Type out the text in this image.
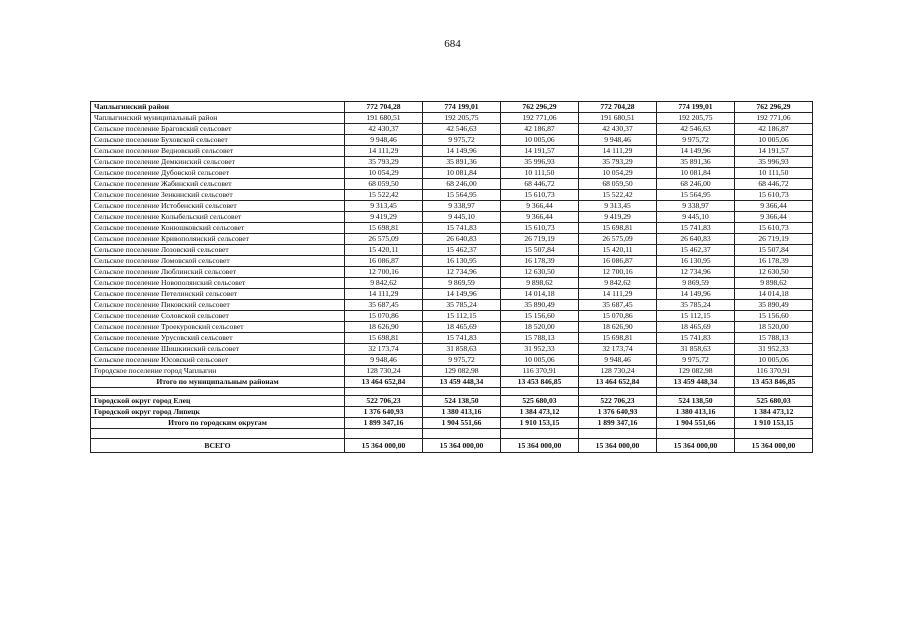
684
Чаплыгинский район	772 704,28	774 199,01	762 296,29	772 704,28	774 199,01	762 296,29
Чаплыгинский муниципальный район	191 680,51	192 205,75	192 771,06	191 680,51	192 205,75	192 771,06
Сельское поселение Браговский сельсовет	42 430,37	42 546,63	42 186,87	42 430,37	42 546,63	42 186,87
Сельское поселение Буховской сельсовет	9 948,46	9 975,72	10 005,06	9 948,46	9 975,72	10 005,06
Сельское поселение Ведновский сельсовет	14 111,29	14 149,96	14 191,57	14 111,29	14 149,96	14 191,57
Сельское поселение Демкинский сельсовет	35 793,29	35 891,36	35 996,93	35 793,29	35 891,36	35 996,93
Сельское поселение Дубовской сельсовет	10 054,29	10 081,84	10 111,50	10 054,29	10 081,84	10 111,50
Сельское поселение Жабинский сельсовет	68 059,50	68 246,00	68 446,72	68 059,50	68 246,00	68 446,72
Сельское поселение Зенкинский сельсовет	15 522,42	15 564,95	15 610,73	15 522,42	15 564,95	15 610,73
Сельское поселение Истобенский сельсовет	9 313,45	9 338,97	9 366,44	9 313,45	9 338,97	9 366,44
Сельское поселение Колыбельский сельсовет	9 419,29	9 445,10	9 366,44	9 419,29	9 445,10	9 366,44
Сельское поселение Конюшковский сельсовет	15 698,81	15 741,83	15 610,73	15 698,81	15 741,83	15 610,73
Сельское поселение Кривополянский сельсовет	26 575,09	26 640,83	26 719,19	26 575,09	26 640,83	26 719,19
Сельское поселение Лозовский сельсовет	15 420,11	15 462,37	15 507,84	15 420,11	15 462,37	15 507,84
Сельское поселение Ломовской сельсовет	16 086,87	16 130,95	16 178,39	16 086,87	16 130,95	16 178,39
Сельское поселение Люблинский сельсовет	12 700,16	12 734,96	12 630,50	12 700,16	12 734,96	12 630,50
Сельское поселение Новополянский сельсовет	9 842,62	9 869,59	9 898,62	9 842,62	9 869,59	9 898,62
Сельское поселение Петелинский сельсовет	14 111,29	14 149,96	14 014,18	14 111,29	14 149,96	14 014,18
Сельское поселение Пиковский сельсовет	35 687,45	35 785,24	35 890,49	35 687,45	35 785,24	35 890,49
Сельское поселение Соловской сельсовет	15 070,86	15 112,15	15 156,60	15 070,86	15 112,15	15 156,60
Сельское поселение Троекуровский сельсовет	18 626,90	18 465,69	18 520,00	18 626,90	18 465,69	18 520,00
Сельское поселение Урусовский сельсовет	15 698,81	15 741,83	15 788,13	15 698,81	15 741,83	15 788,13
Сельское поселение Шишкинский сельсовет	32 173,74	31 858,63	31 952,33	32 173,74	31 858,63	31 952,33
Сельское поселение Юсовский сельсовет	9 948,46	9 975,72	10 005,06	9 948,46	9 975,72	10 005,06
Городское поселение город Чаплыгин	128 730,24	129 082,98	116 370,91	128 730,24	129 082,98	116 370,91
Итого по муниципальным районам	13 464 652,84	13 459 448,34	13 453 846,85	13 464 652,84	13 459 448,34	13 453 846,85

Городской округ город Елец	522 706,23	524 138,50	525 680,03	522 706,23	524 138,50	525 680,03
Городской округ город Липецк	1 376 640,93	1 380 413,16	1 384 473,12	1 376 640,93	1 380 413,16	1 384 473,12
Итого по городским округам	1 899 347,16	1 904 551,66	1 910 153,15	1 899 347,16	1 904 551,66	1 910 153,15

ВСЕГО	15 364 000,00	15 364 000,00	15 364 000,00	15 364 000,00	15 364 000,00	15 364 000,00
